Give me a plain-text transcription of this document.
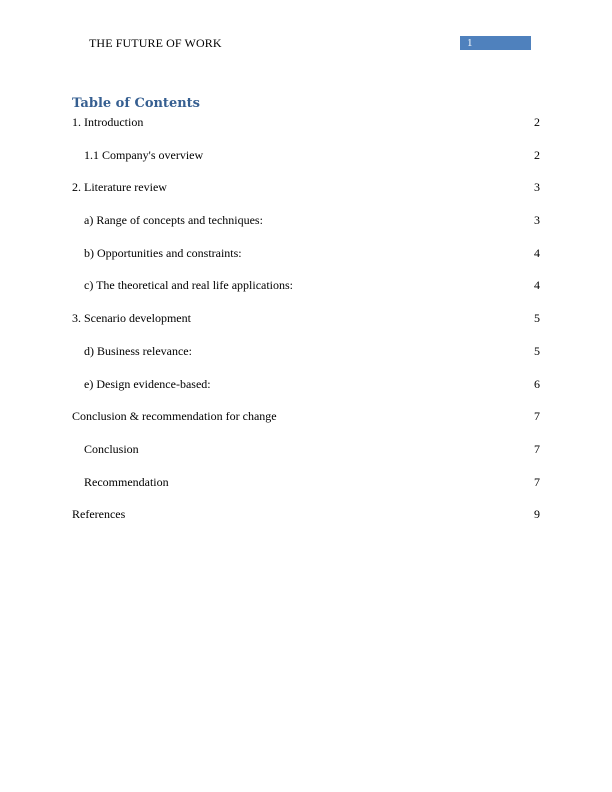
THE FUTURE OF WORK	1
Table of Contents
1. Introduction	2
1.1 Company's overview	2
2. Literature review	3
a) Range of concepts and techniques:	3
b) Opportunities and constraints:	4
c) The theoretical and real life applications:	4
3. Scenario development	5
d) Business relevance:	5
e) Design evidence-based:	6
Conclusion & recommendation for change	7
Conclusion	7
Recommendation	7
References	9
